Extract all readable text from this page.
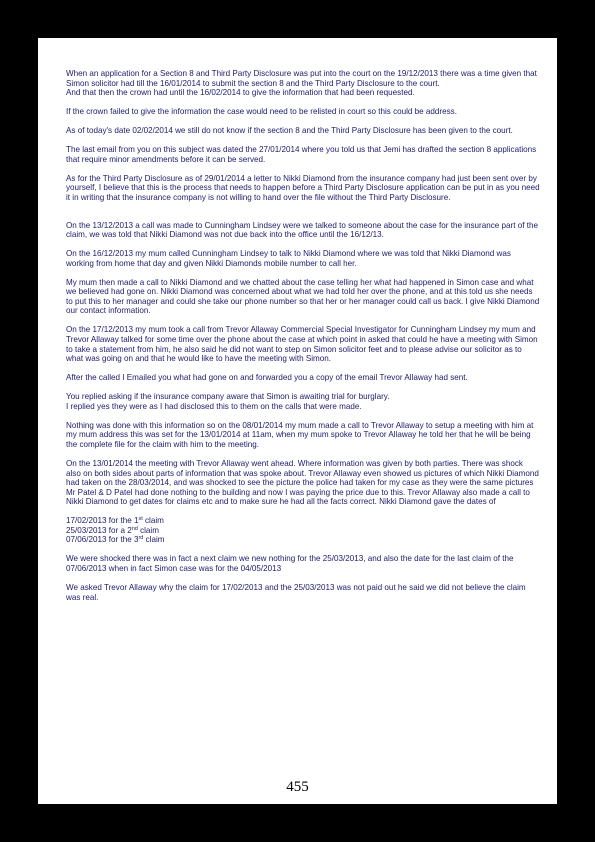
When an application for a Section 8 and Third Party Disclosure was put into the court on the 19/12/2013 there was a time given that Simon solicitor had till the 16/01/2014 to submit the section 8 and the Third Party Disclosure to the court.
And that then the crown had until the 16/02/2014 to give the information that had been requested.

If the crown failed to give the information the case would need to be relisted in court so this could be address.

As of today's date 02/02/2014 we still do not know if the section 8 and the Third Party Disclosure has been given to the court.

The last email from you on this subject was dated the 27/01/2014 where you told us that Jemi has drafted the section 8 applications that require minor amendments before it can be served.

As for the Third Party Disclosure as of 29/01/2014 a letter to Nikki Diamond from the insurance company had just been sent over by yourself, I believe that this is the process that needs to happen before a Third Party Disclosure application can be put in as you need it in writing that the insurance company is not willing to hand over the file without the Third Party Disclosure.

On the 13/12/2013 a call was made to Cunningham Lindsey were we talked to someone about the case for the insurance part of the claim, we was told that Nikki Diamond was not due back into the office until the 16/12/13.

On the 16/12/2013 my mum called Cunningham Lindsey to talk to Nikki Diamond where we was told that Nikki Diamond was working from home that day and given Nikki Diamonds mobile number to call her.

My mum then made a call to Nikki Diamond and we chatted about the case telling her what had happened in Simon case and what we believed had gone on. Nikki Diamond was concerned about what we had told her over the phone, and at this told us she needs to put this to her manager and could she take our phone number so that her or her manager could call us back. I give Nikki Diamond our contact information.

On the 17/12/2013 my mum took a call from Trevor Allaway Commercial Special Investigator for Cunningham Lindsey my mum and Trevor Allaway talked for some time over the phone about the case at which point in asked that could he have a meeting with Simon to take a statement from him, he also said he did not want to step on Simon solicitor feet and to please advise our solicitor as to what was going on and that he would like to have the meeting with Simon.

After the called I Emailed you what had gone on and forwarded you a copy of the email Trevor Allaway had sent.

You replied asking if the insurance company aware that Simon is awaiting trial for burglary.
I replied yes they were as I had disclosed this to them on the calls that were made.

Nothing was done with this information so on the 08/01/2014 my mum made a call to Trevor Allaway to setup a meeting with him at my mum address this was set for the 13/01/2014 at 11am, when my mum spoke to Trevor Allaway he told her that he will be being the complete file for the claim with him to the meeting.

On the 13/01/2014 the meeting with Trevor Allaway went ahead. Where information was given by both parties. There was shock also on both sides about parts of information that was spoke about. Trevor Allaway even showed us pictures of which Nikki Diamond had taken on the 28/03/2014, and was shocked to see the picture the police had taken for my case as they were the same pictures Mr Patel & D Patel had done nothing to the building and now I was paying the price due to this. Trevor Allaway also made a call to Nikki Diamond to get dates for claims etc and to make sure he had all the facts correct. Nikki Diamond gave the dates of

17/02/2013 for the 1st claim
25/03/2013 for a 2nd claim
07/06/2013 for the 3rd claim

We were shocked there was in fact a next claim we new nothing for the 25/03/2013, and also the date for the last claim of the 07/06/2013 when in fact Simon case was for the 04/05/2013

We asked Trevor Allaway why the claim for 17/02/2013 and the 25/03/2013 was not paid out he said we did not believe the claim was real.

455
